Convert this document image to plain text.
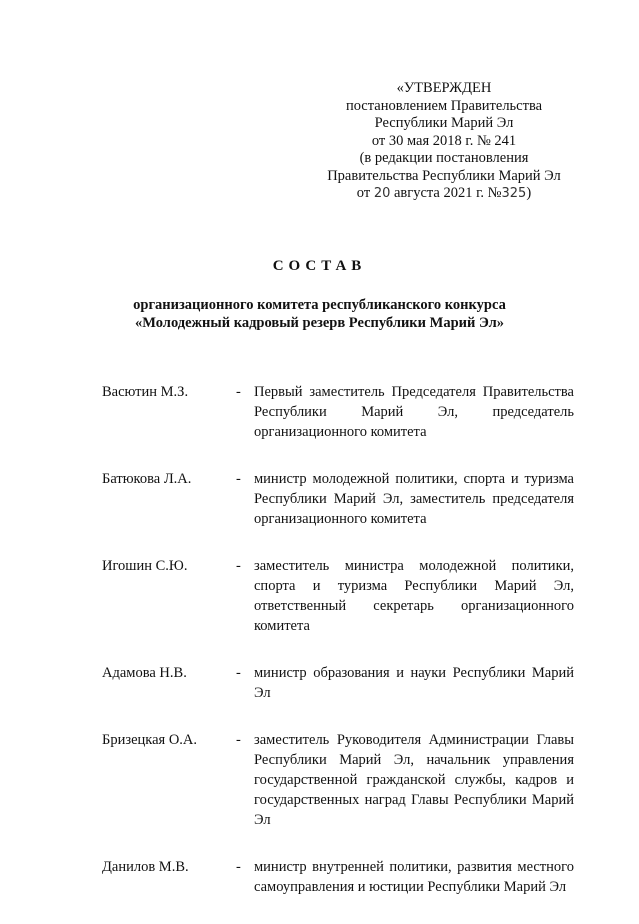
«УТВЕРЖДЕН
постановлением Правительства
Республики Марий Эл
от 30 мая 2018 г. № 241
(в редакции постановления
Правительства Республики Марий Эл
от 20 августа 2021 г. №325)
СОСТАВ
организационного комитета республиканского конкурса
«Молодежный кадровый резерв Республики Марий Эл»
Васютин М.З.	- Первый заместитель Председателя Правительства Республики Марий Эл, председатель организационного комитета
Батюкова Л.А.	- министр молодежной политики, спорта и туризма Республики Марий Эл, заместитель председателя организационного комитета
Игошин С.Ю.	- заместитель министра молодежной политики, спорта и туризма Республики Марий Эл, ответственный секретарь организационного комитета
Адамова Н.В.	- министр образования и науки Республики Марий Эл
Бризецкая О.А.	- заместитель Руководителя Администрации Главы Республики Марий Эл, начальник управления государственной гражданской службы, кадров и государственных наград Главы Республики Марий Эл
Данилов М.В.	- министр внутренней политики, развития местного самоуправления и юстиции Республики Марий Эл
